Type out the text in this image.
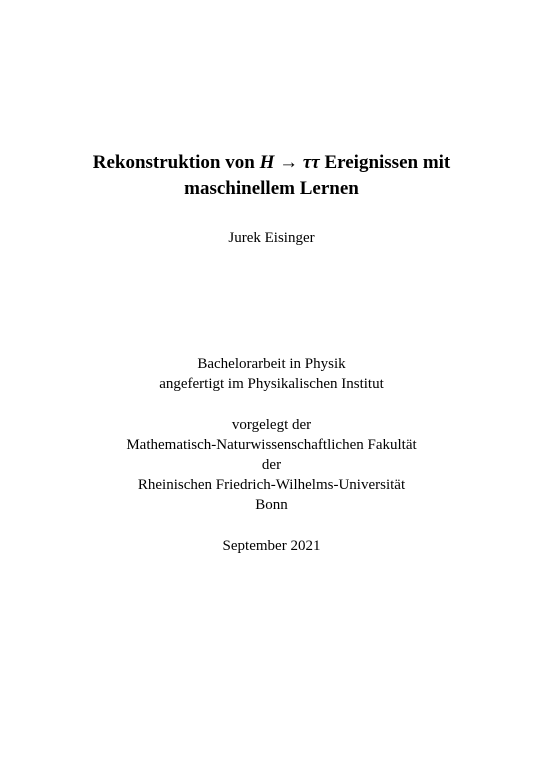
Rekonstruktion von H → ττ Ereignissen mit
maschinellem Lernen
Jurek Eisinger
Bachelorarbeit in Physik
angefertigt im Physikalischen Institut
vorgelegt der
Mathematisch-Naturwissenschaftlichen Fakultät
der
Rheinischen Friedrich-Wilhelms-Universität
Bonn
September 2021
